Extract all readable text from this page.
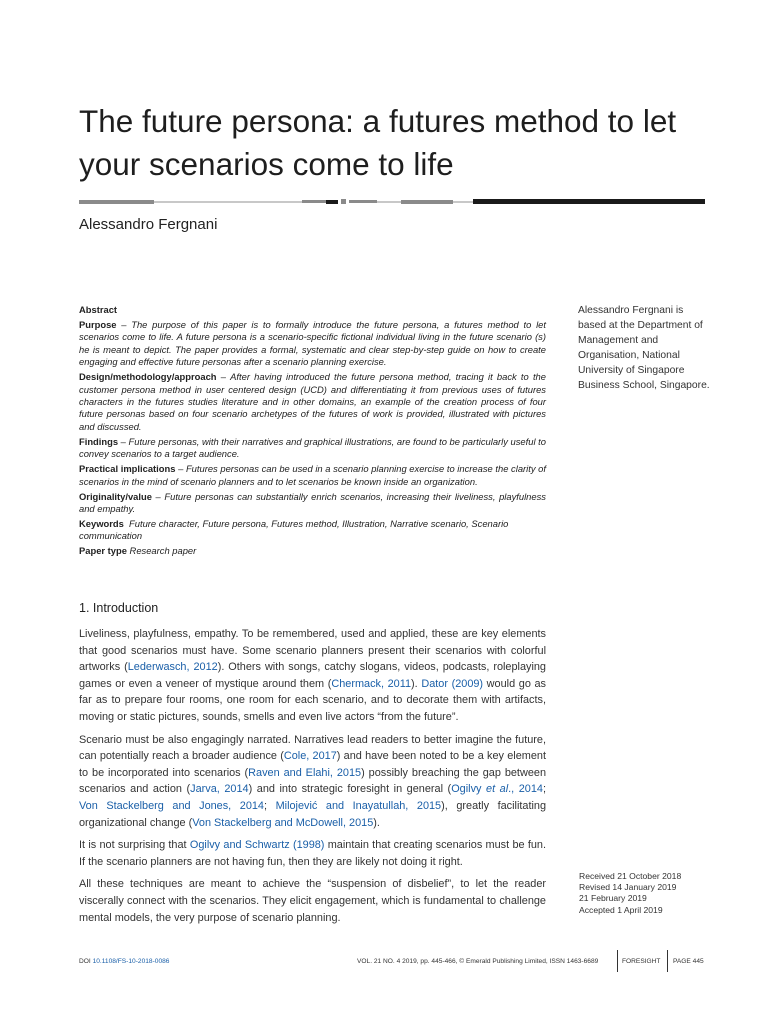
The future persona: a futures method to let your scenarios come to life
Alessandro Fergnani

Abstract

Purpose – The purpose of this paper is to formally introduce the future persona, a futures method to let scenarios come to life. A future persona is a scenario-specific fictional individual living in the future scenario (s) he is meant to depict. The paper provides a formal, systematic and clear step-by-step guide on how to create engaging and effective future personas after a scenario planning exercise.

Design/methodology/approach – After having introduced the future persona method, tracing it back to the customer persona method in user centered design (UCD) and differentiating it from previous uses of futures characters in the futures studies literature and in other domains, an example of the creation process of four future personas based on four scenario archetypes of the futures of work is provided, illustrated with pictures and discussed.

Findings – Future personas, with their narratives and graphical illustrations, are found to be particularly useful to convey scenarios to a target audience.

Practical implications – Futures personas can be used in a scenario planning exercise to increase the clarity of scenarios in the mind of scenario planners and to let scenarios be known inside an organization.

Originality/value – Future personas can substantially enrich scenarios, increasing their liveliness, playfulness and empathy.

Keywords Future character, Future persona, Futures method, Illustration, Narrative scenario, Scenario communication

Paper type Research paper

Alessandro Fergnani is based at the Department of Management and Organisation, National University of Singapore Business School, Singapore.
1. Introduction

Liveliness, playfulness, empathy. To be remembered, used and applied, these are key elements that good scenarios must have. Some scenario planners present their scenarios with colorful artworks (Lederwasch, 2012). Others with songs, catchy slogans, videos, podcasts, roleplaying games or even a veneer of mystique around them (Chermack, 2011). Dator (2009) would go as far as to prepare four rooms, one room for each scenario, and to decorate them with artifacts, moving or static pictures, sounds, smells and even live actors “from the future”.

Scenario must be also engagingly narrated. Narratives lead readers to better imagine the future, can potentially reach a broader audience (Cole, 2017) and have been noted to be a key element to be incorporated into scenarios (Raven and Elahi, 2015) possibly breaching the gap between scenarios and action (Jarva, 2014) and into strategic foresight in general (Ogilvy et al., 2014; Von Stackelberg and Jones, 2014; Milojević and Inayatullah, 2015), greatly facilitating organizational change (Von Stackelberg and McDowell, 2015).

It is not surprising that Ogilvy and Schwartz (1998) maintain that creating scenarios must be fun. If the scenario planners are not having fun, then they are likely not doing it right.

All these techniques are meant to achieve the “suspension of disbelief”, to let the reader viscerally connect with the scenarios. They elicit engagement, which is fundamental to challenge mental models, the very purpose of scenario planning.

Received 21 October 2018
Revised 14 January 2019
21 February 2019
Accepted 1 April 2019
DOI 10.1108/FS-10-2018-0086	VOL. 21 NO. 4 2019, pp. 445-466, © Emerald Publishing Limited, ISSN 1463-6689	FORESIGHT PAGE 445
